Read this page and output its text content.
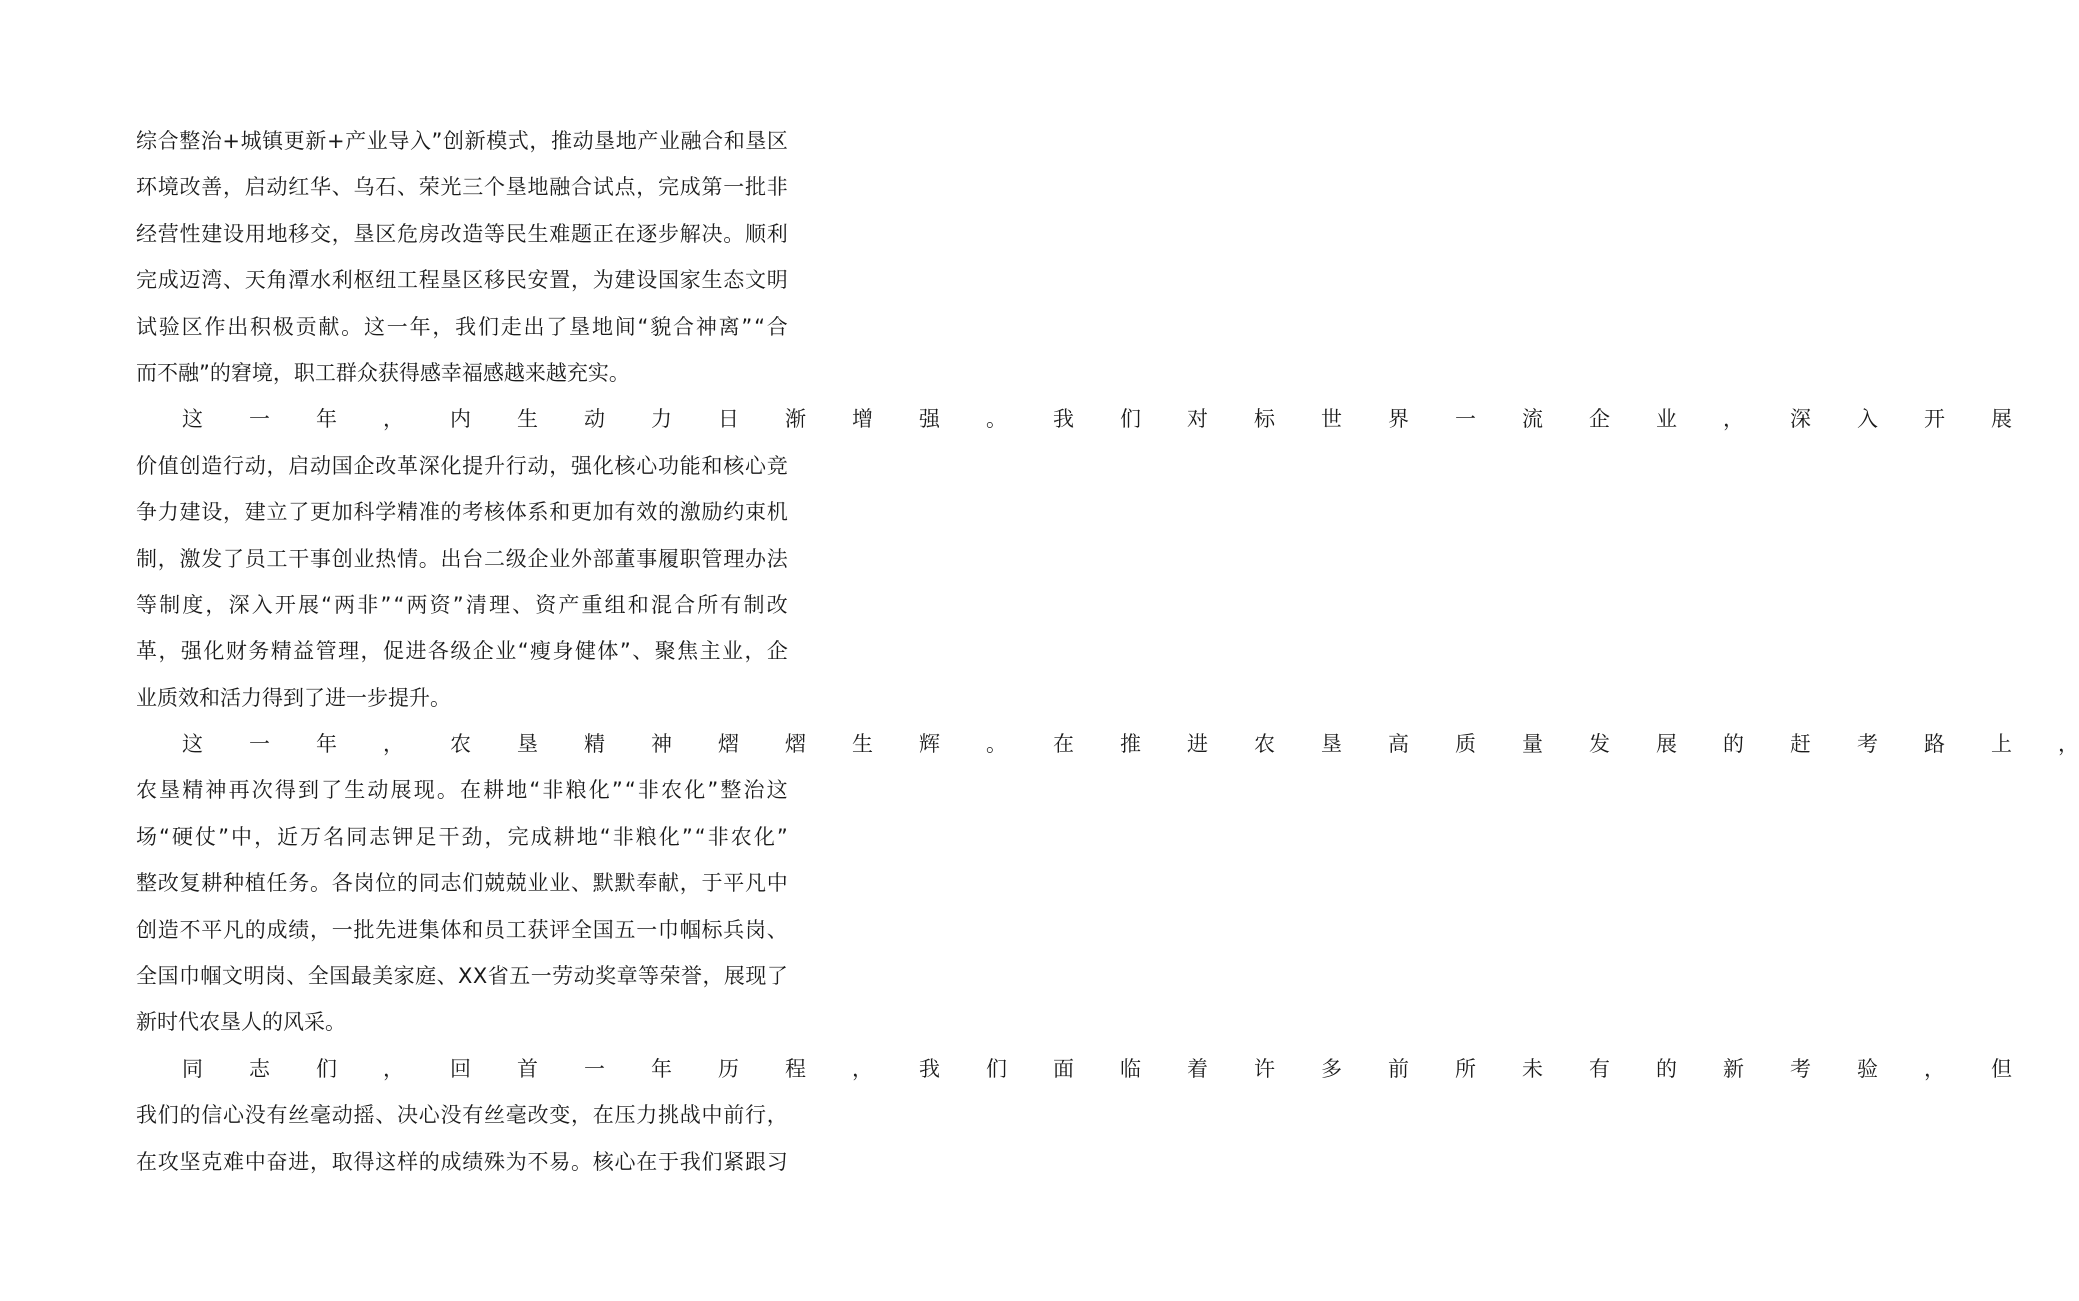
综 合 整 治 + 城 镇 更 新 + 产 业 导 入 ” 创 新 模 式 ， 推 动 垦 地 产 业 融 合 和 垦 区
环 境 改 善 ， 启 动 红 华 、 乌 石 、 荣 光 三 个 垦 地 融 合 试 点 ， 完 成 第 一 批 非
经 营 性 建 设 用 地 移 交 ， 垦 区 危 房 改 造 等 民 生 难 题 正 在 逐 步 解 决 。 顺 利
完 成 迈 湾 、 天 角 潭 水 利 枢 纽 工 程 垦 区 移 民 安 置 ， 为 建 设 国 家 生 态 文 明
试 验 区 作 出 积 极 贡 献 。 这 一 年 ， 我 们 走 出 了 垦 地 间 “ 貌 合 神 离 ” “ 合
而不融”的窘境，职工群众获得感幸福感越来越充实。
这	一	年	，	内	生	动	力	日	渐	增	强	。	我	们	对	标	世	界	一	流	企	业	，	深	入	开	展
价 值 创 造 行 动 ， 启 动 国 企 改 革 深 化 提 升 行 动 ， 强 化 核 心 功 能 和 核 心 竞
争 力 建 设 ， 建 立 了 更 加 科 学 精 准 的 考 核 体 系 和 更 加 有 效 的 激 励 约 束 机
制 ， 激 发 了 员 工 干 事 创 业 热 情 。 出 台 二 级 企 业 外 部 董 事 履 职 管 理 办 法
等 制 度 ， 深 入 开 展 “ 两 非 ” “ 两 资 ” 清 理 、 资 产 重 组 和 混 合 所 有 制 改
革 ， 强 化 财 务 精 益 管 理 ， 促 进 各 级 企 业 “ 瘦 身 健 体 ” 、 聚 焦 主 业 ， 企
业质效和活力得到了进一步提升。
这	一	年	，	农	垦	精	神	熠	熠	生	辉	。	在	推	进	农	垦	高	质	量	发	展	的	赶	考	路	上	，
农 垦 精 神 再 次 得 到 了 生 动 展 现 。 在 耕 地 “ 非 粮 化 ” “ 非 农 化 ” 整 治 这
场 “ 硬 仗 ” 中 ， 近 万 名 同 志 钾 足 干 劲 ， 完 成 耕 地 “ 非 粮 化 ” “ 非 农 化 ”
整 改 复 耕 种 植 任 务 。 各 岗 位 的 同 志 们 兢 兢 业 业 、 默 默 奉 献 ， 于 平 凡 中
创 造 不 平 凡 的 成 绩 ， 一 批 先 进 集 体 和 员 工 获 评 全 国 五 一 巾 帼 标 兵 岗 、
全 国 巾 帼 文 明 岗 、 全 国 最 美 家 庭 、 X X 省 五 一 劳 动 奖 章 等 荣 誉 ， 展 现 了
新时代农垦人的风采。
同	志	们	，	回	首	一	年	历	程	，	我	们	面	临	着	许	多	前	所	未	有	的	新	考	验	，	但
我 们 的 信 心 没 有 丝 毫 动 摇 、 决 心 没 有 丝 毫 改 变 ， 在 压 力 挑 战 中 前 行 ，
在 攻 坚 克 难 中 奋 进 ， 取 得 这 样 的 成 绩 殊 为 不 易 。 核 心 在 于 我 们 紧 跟 习
